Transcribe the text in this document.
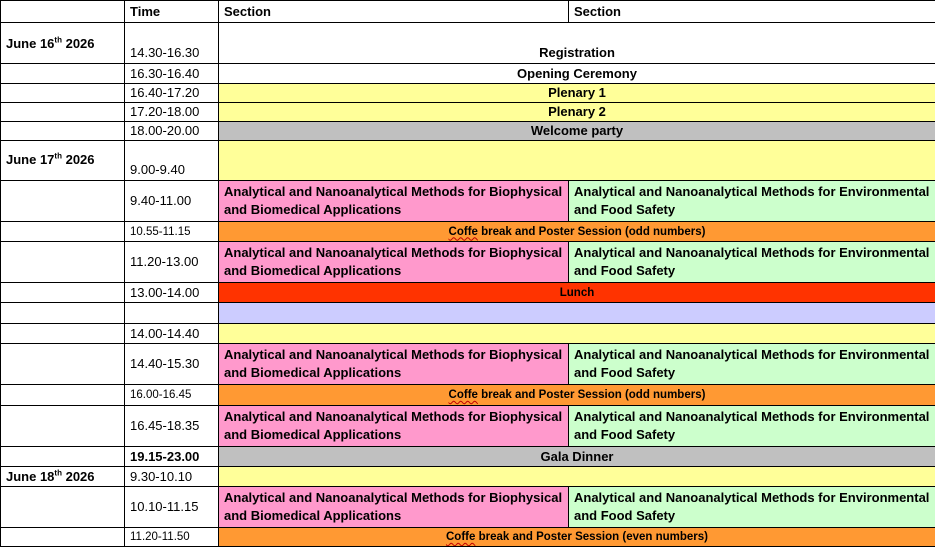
	Time	Section	Section
June 16th 2026	14.30-16.30	Registration	
	16.30-16.40	Opening Ceremony	
	16.40-17.20	Plenary 1	
	17.20-18.00	Plenary 2	
	18.00-20.00	Welcome party	
June 17th 2026	9.00-9.40		
	9.40-11.00	Analytical and Nanoanalytical Methods for Biophysical and Biomedical Applications	Analytical and Nanoanalytical Methods for Environmental and Food Safety
	10.55-11.15	Coffe break and Poster Session (odd numbers)	
	11.20-13.00	Analytical and Nanoanalytical Methods for Biophysical and Biomedical Applications	Analytical and Nanoanalytical Methods for Environmental and Food Safety
	13.00-14.00	Lunch	

	14.00-14.40		
	14.40-15.30	Analytical and Nanoanalytical Methods for Biophysical and Biomedical Applications	Analytical and Nanoanalytical Methods for Environmental and Food Safety
	16.00-16.45	Coffe break and Poster Session (odd numbers)	
	16.45-18.35	Analytical and Nanoanalytical Methods for Biophysical and Biomedical Applications	Analytical and Nanoanalytical Methods for Environmental and Food Safety
	19.15-23.00	Gala Dinner	
June 18th 2026	9.30-10.10		
	10.10-11.15	Analytical and Nanoanalytical Methods for Biophysical and Biomedical Applications	Analytical and Nanoanalytical Methods for Environmental and Food Safety
	11.20-11.50	Coffe break and Poster Session (even numbers)	
